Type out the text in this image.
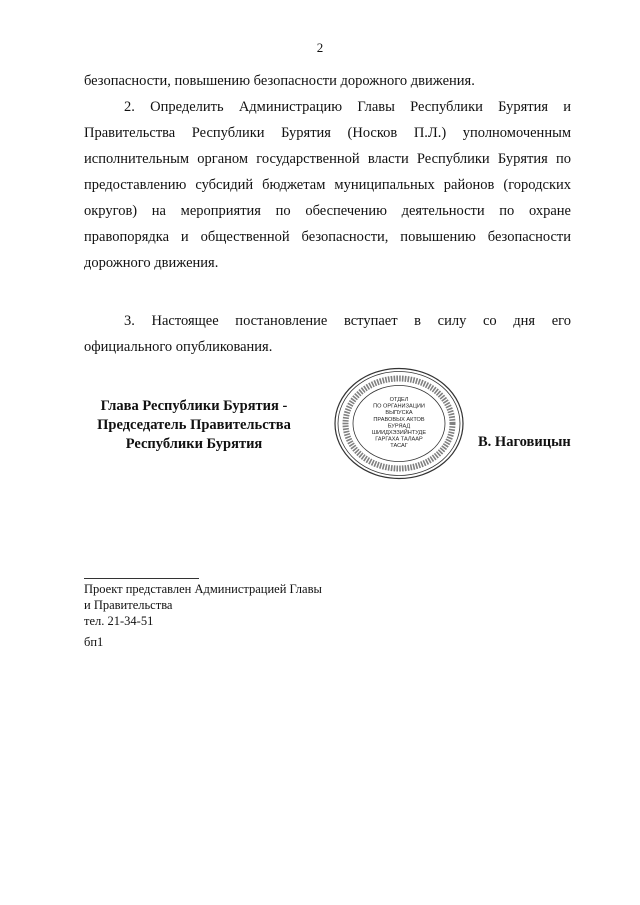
2
безопасности, повышению безопасности дорожного движения.
2. Определить Администрацию Главы Республики Бурятия и
Правительства Республики Бурятия (Носков П.Л.) уполномоченным
исполнительным органом государственной власти Республики Бурятия по
предоставлению субсидий бюджетам муниципальных районов (городских
округов) на мероприятия по обеспечению деятельности по охране
правопорядка и общественной безопасности, повышению безопасности
дорожного движения.
3. Настоящее постановление вступает в силу со дня его
официального опубликования.
Глава Республики Бурятия -
Председатель Правительства
Республики Бурятия
ОТДЕЛ
ПО ОРГАНИЗАЦИИ
ВЫПУСКА
ПРАВОВЫХ АКТОВ
БУРЯАД
ШИИДХЭЗИЙНТУДЕ
ГАРГАХА ТАЛААР
ТАСАГ	В. Наговицын
Проект представлен Администрацией Главы
и Правительства
тел. 21-34-51
бп1
